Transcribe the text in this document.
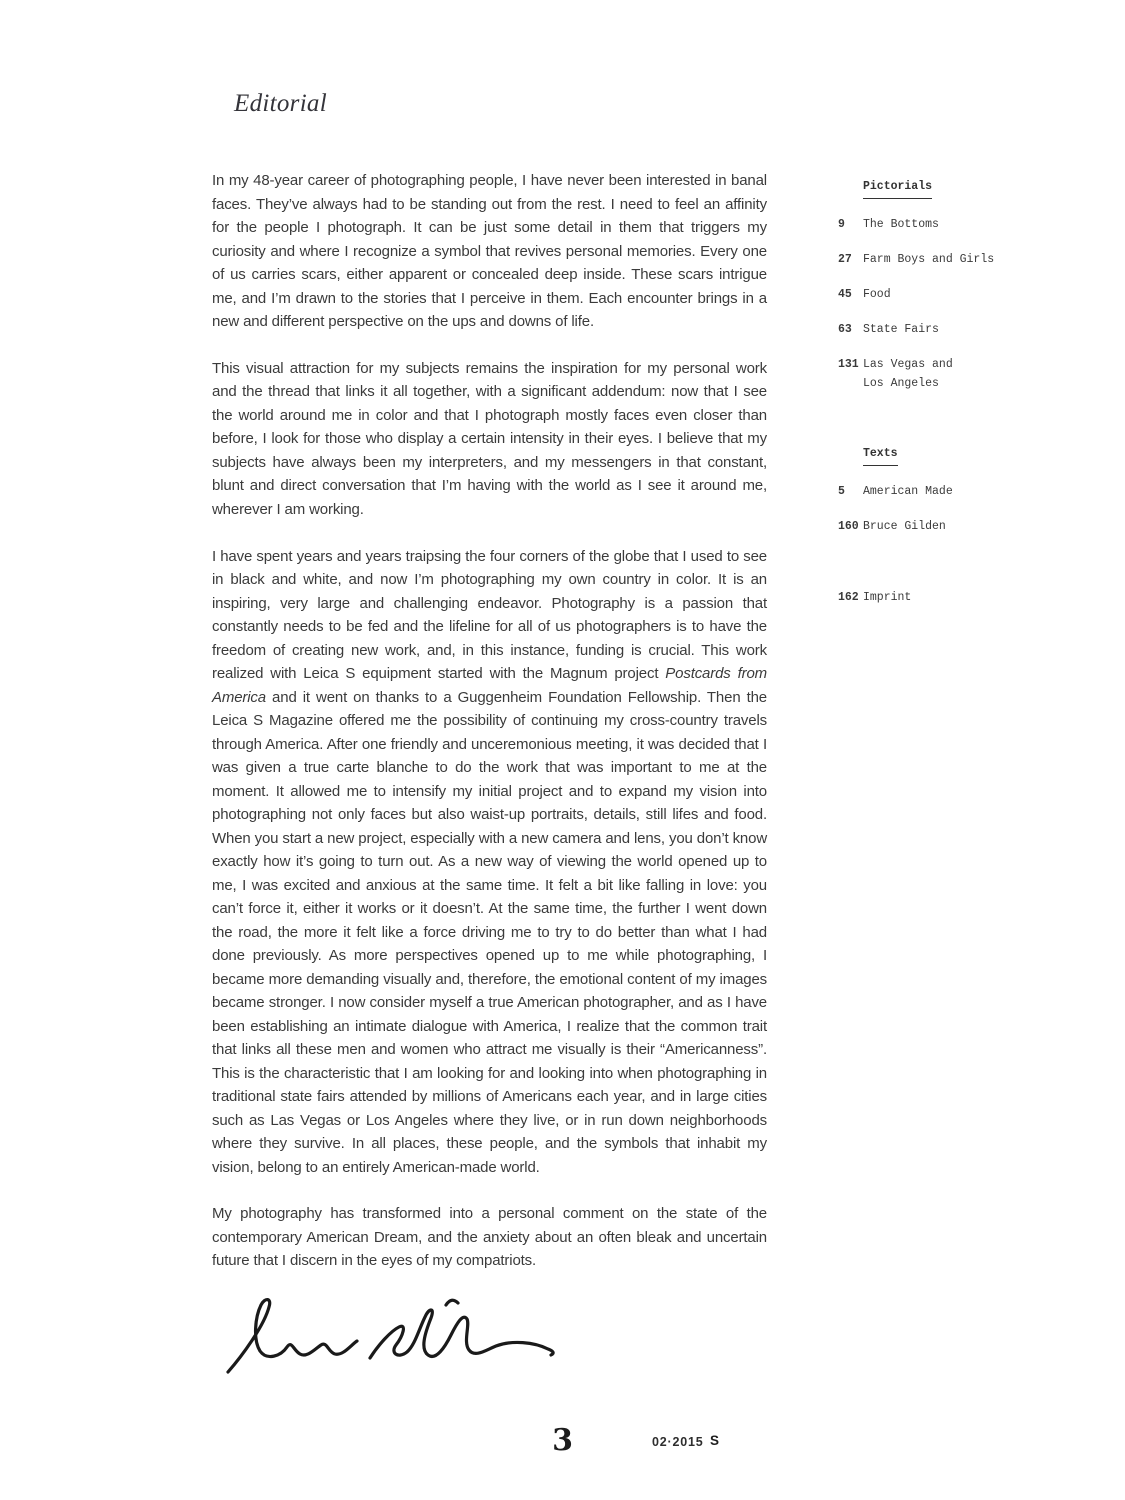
Editorial

In my 48-year career of photographing people, I have never been interested in banal faces. They’ve always had to be standing out from the rest. I need to feel an affinity for the people I photograph. It can be just some detail in them that triggers my curiosity and where I recognize a symbol that revives personal memories. Every one of us carries scars, either apparent or concealed deep inside. These scars intrigue me, and I’m drawn to the stories that I perceive in them. Each encounter brings in a new and different perspective on the ups and downs of life.

This visual attraction for my subjects remains the inspiration for my personal work and the thread that links it all together, with a significant addendum: now that I see the world around me in color and that I photograph mostly faces even closer than before, I look for those who display a certain intensity in their eyes. I believe that my subjects have always been my interpreters, and my messengers in that constant, blunt and direct conversation that I’m having with the world as I see it around me, wherever I am working.

I have spent years and years traipsing the four corners of the globe that I used to see in black and white, and now I’m photographing my own country in color. It is an inspiring, very large and challenging endeavor. Photography is a passion that constantly needs to be fed and the lifeline for all of us photographers is to have the freedom of creating new work, and, in this instance, funding is crucial. This work realized with Leica S equipment started with the Magnum project Postcards from America and it went on thanks to a Guggenheim Foundation Fellowship. Then the Leica S Magazine offered me the possibility of continuing my cross-country travels through America. After one friendly and unceremonious meeting, it was decided that I was given a true carte blanche to do the work that was important to me at the moment. It allowed me to intensify my initial project and to expand my vision into photographing not only faces but also waist-up portraits, details, still lifes and food. When you start a new project, especially with a new camera and lens, you don’t know exactly how it’s going to turn out. As a new way of viewing the world opened up to me, I was excited and anxious at the same time. It felt a bit like falling in love: you can’t force it, either it works or it doesn’t. At the same time, the further I went down the road, the more it felt like a force driving me to try to do better than what I had done previously. As more perspectives opened up to me while photographing, I became more demanding visually and, therefore, the emotional content of my images became stronger. I now consider myself a true American photographer, and as I have been establishing an intimate dialogue with America, I realize that the common trait that links all these men and women who attract me visually is their “Americanness”. This is the characteristic that I am looking for and looking into when photographing in traditional state fairs attended by millions of Americans each year, and in large cities such as Las Vegas or Los Angeles where they live, or in run down neighborhoods where they survive. In all places, these people, and the symbols that inhabit my vision, belong to an entirely American-made world.

My photography has transformed into a personal comment on the state of the contemporary American Dream, and the anxiety about an often bleak and uncertain future that I discern in the eyes of my compatriots.

Pictorials
9	The Bottoms
27 Farm Boys and Girls
45 Food
63 State Fairs
131 Las Vegas and
Los Angeles
Texts
5	American Made
160 Bruce Gilden
162 Imprint
3	02·2015 S
